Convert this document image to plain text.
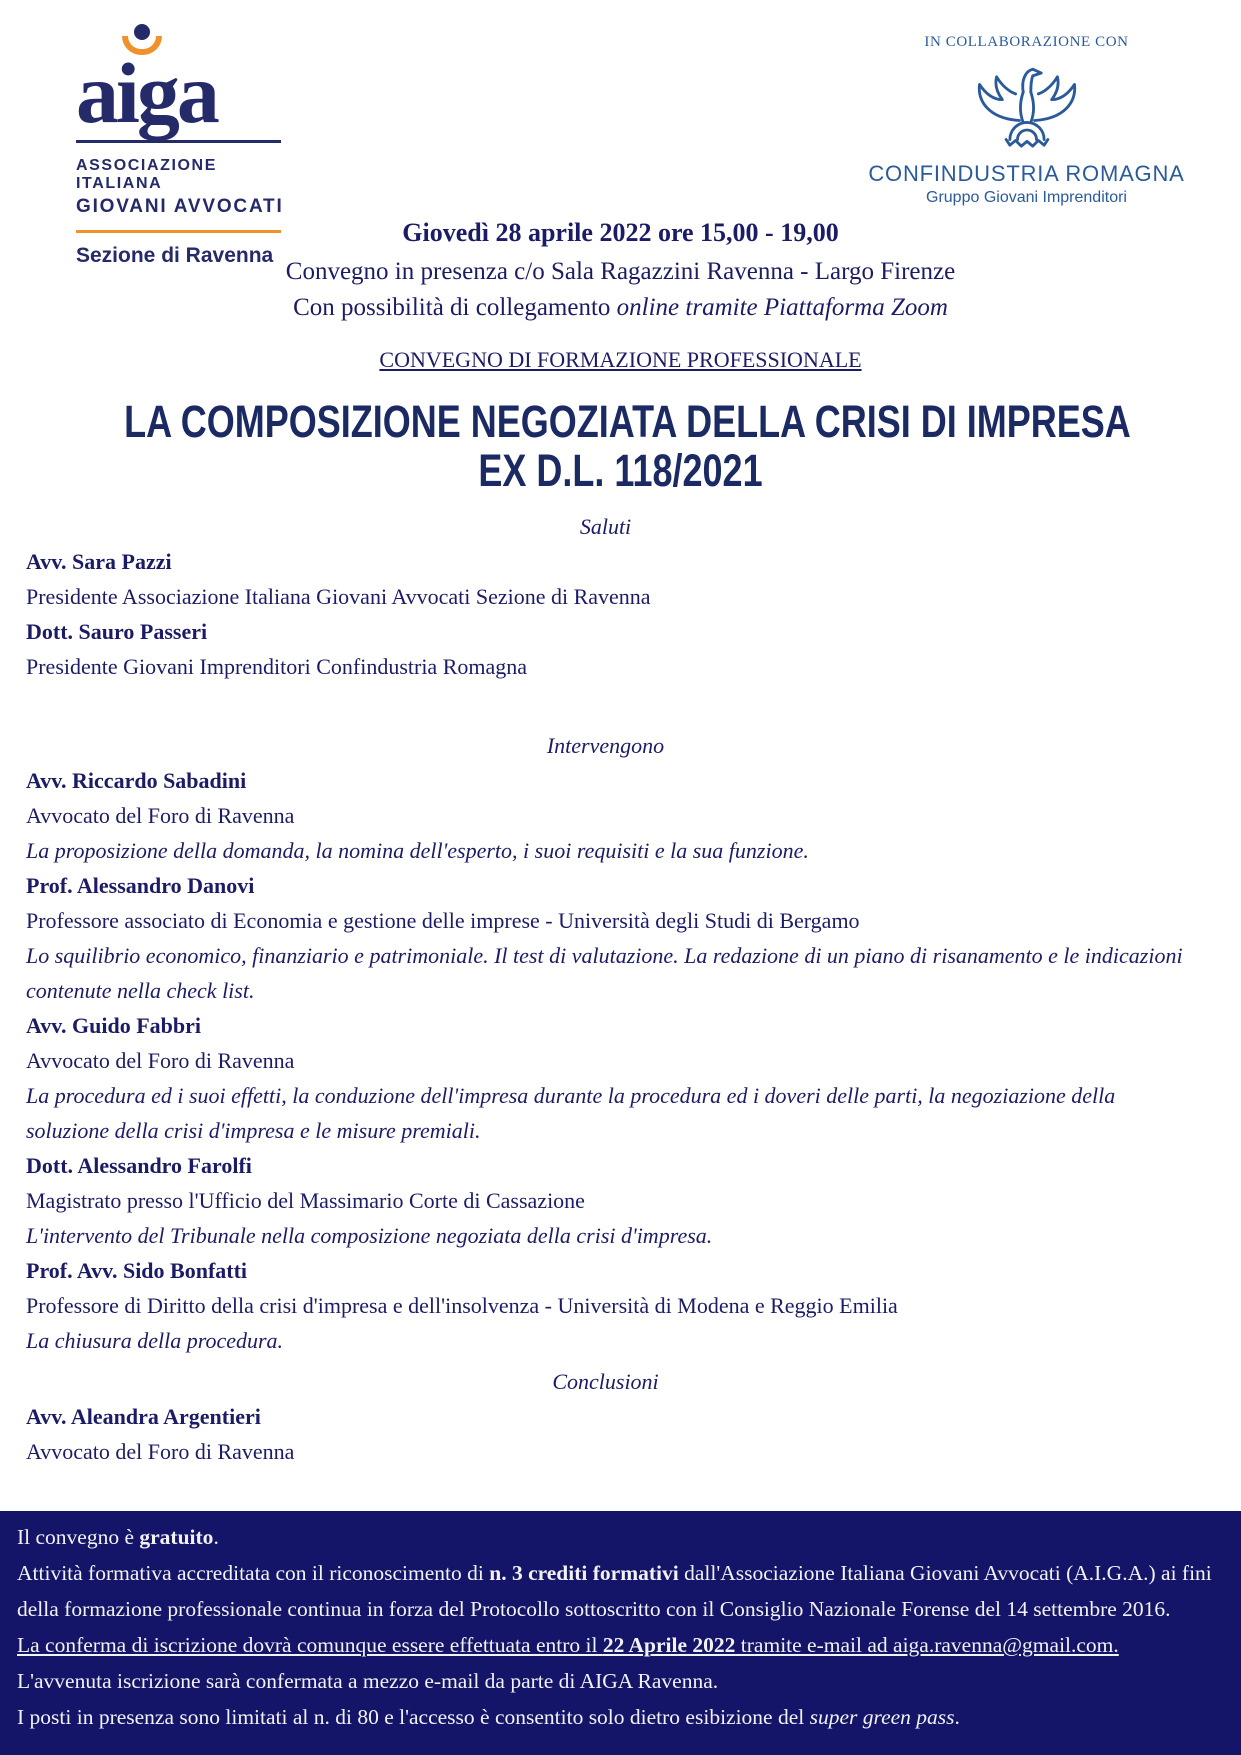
aiga
ASSOCIAZIONE ITALIANA
GIOVANI AVVOCATI
Sezione di Ravenna
IN COLLABORAZIONE CON
CONFINDUSTRIA ROMAGNA
Gruppo Giovani Imprenditori
Giovedì 28 aprile 2022 ore 15,00 - 19,00
Convegno in presenza c/o Sala Ragazzini Ravenna - Largo Firenze
Con possibilità di collegamento online tramite Piattaforma Zoom
CONVEGNO DI FORMAZIONE PROFESSIONALE
LA COMPOSIZIONE NEGOZIATA DELLA CRISI DI IMPRESA
EX D.L. 118/2021
Saluti
Avv. Sara Pazzi
Presidente Associazione Italiana Giovani Avvocati Sezione di Ravenna
Dott. Sauro Passeri
Presidente Giovani Imprenditori Confindustria Romagna
Intervengono
Avv. Riccardo Sabadini
Avvocato del Foro di Ravenna
La proposizione della domanda, la nomina dell'esperto, i suoi requisiti e la sua funzione.
Prof. Alessandro Danovi
Professore associato di Economia e gestione delle imprese - Università degli Studi di Bergamo
Lo squilibrio economico, finanziario e patrimoniale. Il test di valutazione. La redazione di un piano di risanamento e le indicazioni contenute nella check list.
Avv. Guido Fabbri
Avvocato del Foro di Ravenna
La procedura ed i suoi effetti, la conduzione dell'impresa durante la procedura ed i doveri delle parti, la negoziazione della soluzione della crisi d'impresa e le misure premiali.
Dott. Alessandro Farolfi
Magistrato presso l'Ufficio del Massimario Corte di Cassazione
L'intervento del Tribunale nella composizione negoziata della crisi d'impresa.
Prof. Avv. Sido Bonfatti
Professore di Diritto della crisi d'impresa e dell'insolvenza - Università di Modena e Reggio Emilia
La chiusura della procedura.
Conclusioni
Avv. Aleandra Argentieri
Avvocato del Foro di Ravenna
Il convegno è gratuito.
Attività formativa accreditata con il riconoscimento di n. 3 crediti formativi dall'Associazione Italiana Giovani Avvocati (A.I.G.A.) ai fini della formazione professionale continua in forza del Protocollo sottoscritto con il Consiglio Nazionale Forense del 14 settembre 2016.
La conferma di iscrizione dovrà comunque essere effettuata entro il 22 Aprile 2022 tramite e-mail ad aiga.ravenna@gmail.com.
L'avvenuta iscrizione sarà confermata a mezzo e-mail da parte di AIGA Ravenna.
I posti in presenza sono limitati al n. di 80 e l'accesso è consentito solo dietro esibizione del super green pass.
